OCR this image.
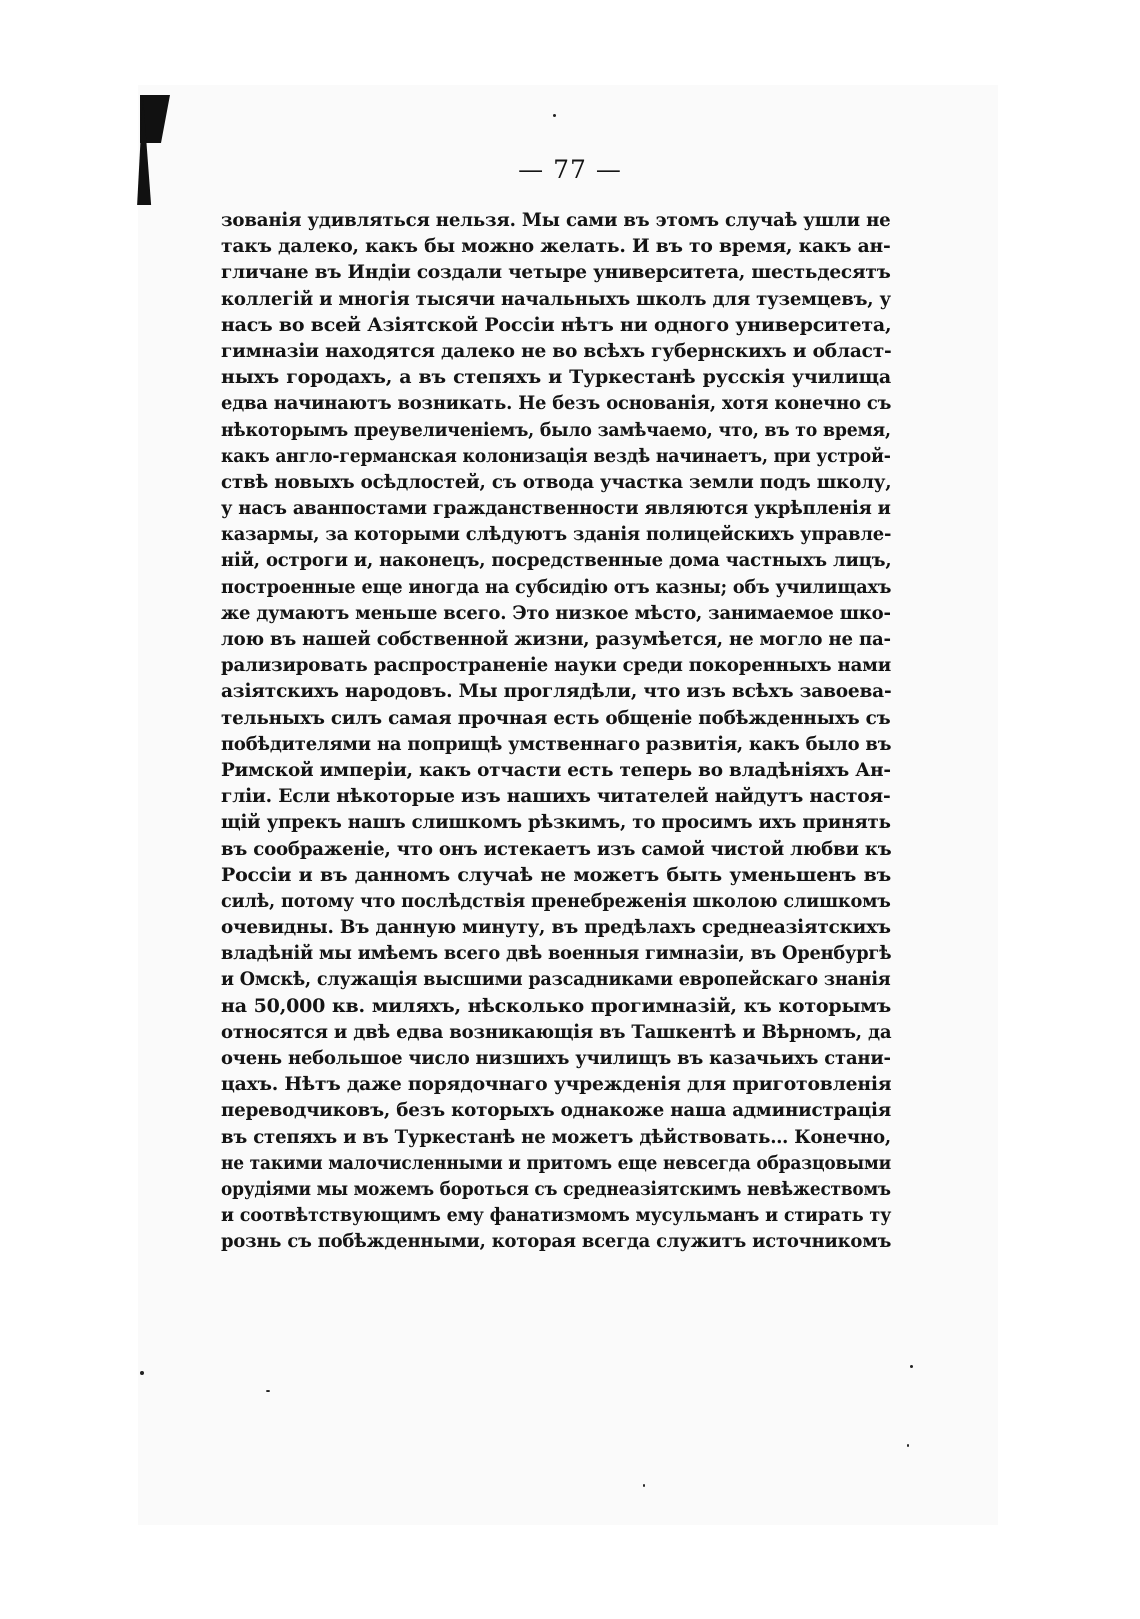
— 77 —
зованія удивляться нельзя. Мы сами въ этомъ случаѣ ушли нетакъ далеко, какъ бы можно желать. И въ то время, какъ ан-гличане въ Индіи создали четыре университета, шестьдесятъколлегій и многія тысячи начальныхъ школъ для туземцевъ, унасъ во всей Азіятской Россіи нѣтъ ни одного университета,гимназіи находятся далеко не во всѣхъ губернскихъ и област-
ныхъ городахъ, а въ степяхъ и Туркестанѣ русскія училища
едва начинаютъ возникать. Не безъ основанія, хотя конечно сънѣкоторымъ преувеличеніемъ, было замѣчаемо, что, въ то время,какъ англо-германская колонизація вездѣ начинаетъ, при устрой-ствѣ новыхъ осѣдлостей, съ отвода участка земли подъ школу,у насъ аванпостами гражданственности являются укрѣпленія иказармы, за которыми слѣдуютъ зданія полицейскихъ управле-ній, остроги и, наконецъ, посредственные дома частныхъ лицъ,построенные еще иногда на субсидію отъ казны; объ училищахъже думаютъ меньше всего. Это низкое мѣсто, занимаемое шко-лою въ нашей собственной жизни, разумѣется, не могло не па-рализировать распространеніе науки среди покоренныхъ намиазіятскихъ народовъ. Мы проглядѣли, что изъ всѣхъ завоева-тельныхъ силъ самая прочная есть общеніе побѣжденныхъ съпобѣдителями на поприщѣ умственнаго развитія, какъ было въРимской имперіи, какъ отчасти есть теперь во владѣніяхъ Ан-гліи. Если нѣкоторые изъ нашихъ читателей найдутъ настоя-щій упрекъ нашъ слишкомъ рѣзкимъ, то просимъ ихъ принятьвъ соображеніе, что онъ истекаетъ изъ самой чистой любви къ
Россіи и въ данномъ случаѣ не можетъ быть уменьшенъ въ
силѣ, потому что послѣдствія пренебреженія школою слишкомъочевидны. Въ данную минуту, въ предѣлахъ среднеазіятскихъвладѣній мы имѣемъ всего двѣ военныя гимназіи, въ Оренбургѣи Омскѣ, служащія высшими разсадниками европейскаго знанія
на 50,000 кв. миляхъ, нѣсколько прогимназій, къ которымъ
относятся и двѣ едва возникающія въ Ташкентѣ и Вѣрномъ, даочень небольшое число низшихъ училищъ въ казачьихъ стани-цахъ. Нѣтъ даже порядочнаго учрежденія для приготовленіяпереводчиковъ, безъ которыхъ однакоже наша администраціявъ степяхъ и въ Туркестанѣ не можетъ дѣйствовать… Конечно,не такими малочисленными и притомъ еще невсегда образцовымиорудіями мы можемъ бороться съ среднеазіятскимъ невѣжествомъи соотвѣтствующимъ ему фанатизмомъ мусульманъ и стирать турознь съ побѣжденными, которая всегда служитъ источникомъ
